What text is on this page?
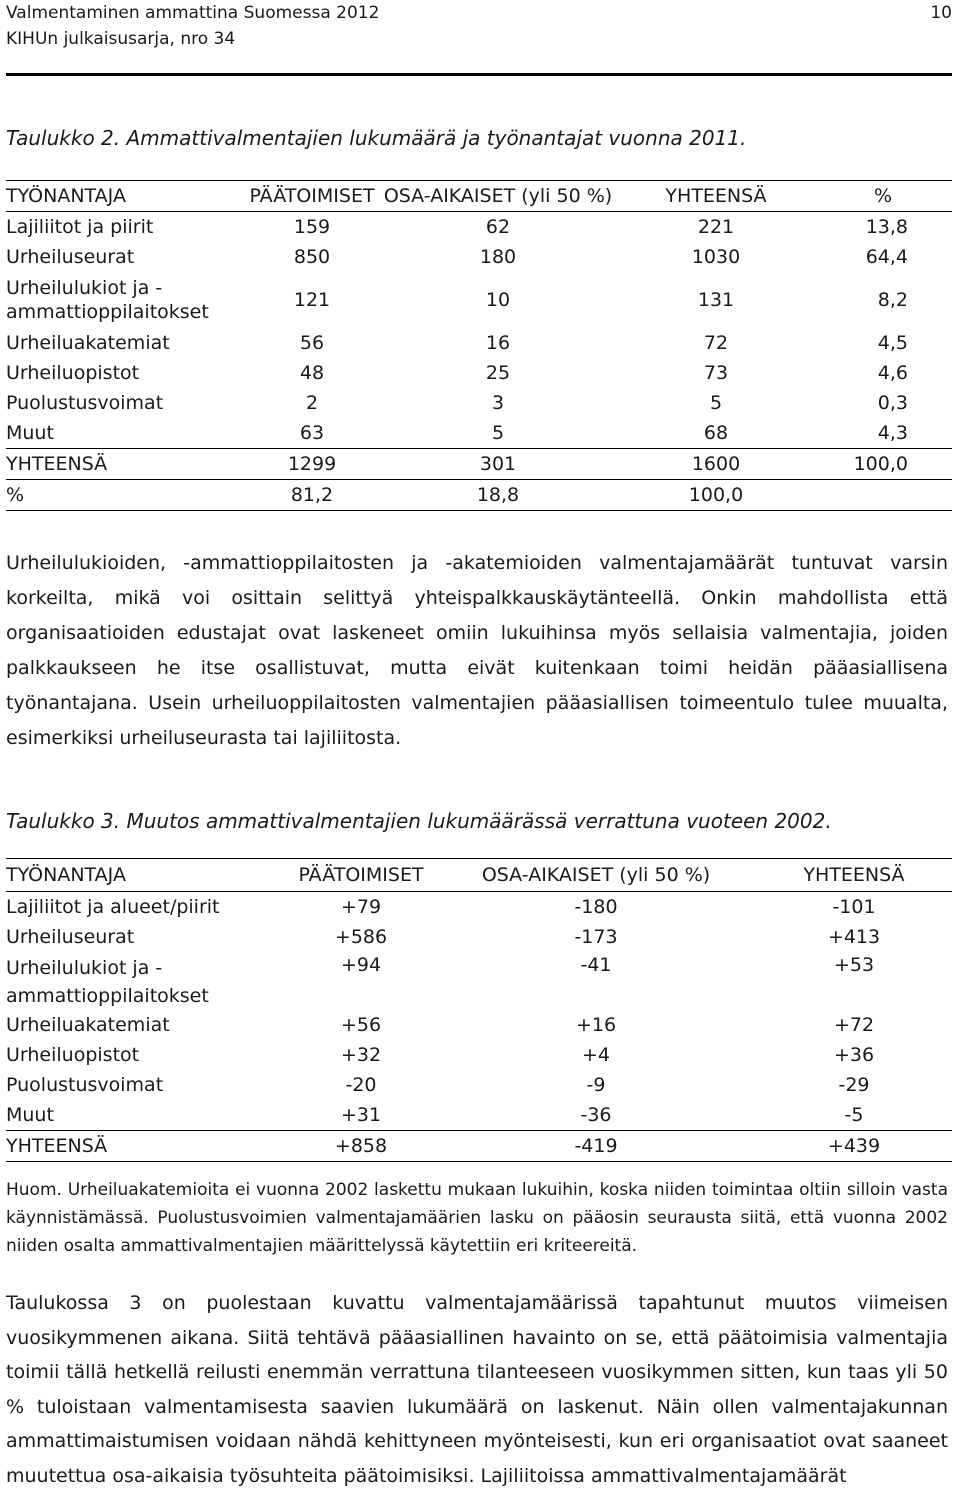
Valmentaminen ammattina Suomessa 2012
KIHUn julkaisusarja, nro 34
10
Taulukko 2. Ammattivalmentajien lukumäärä ja työnantajat vuonna 2011.
TYÖNANTAJA	PÄÄTOIMISET	OSA-AIKAISET (yli 50 %)	YHTEENSÄ	%
Lajiliitot ja piirit	159	62	221	13,8
Urheiluseurat	850	180	1030	64,4
Urheilulukiot ja - ammattioppilaitokset	121	10	131	8,2
Urheiluakatemiat	56	16	72	4,5
Urheiluopistot	48	25	73	4,6
Puolustusvoimat	2	3	5	0,3
Muut	63	5	68	4,3
YHTEENSÄ	1299	301	1600	100,0
%	81,2	18,8	100,0	

Urheilulukioiden, -ammattioppilaitosten ja -akatemioiden valmentajamäärät tuntuvat varsin korkeilta, mikä voi osittain selittyä yhteispalkkauskäytänteellä. Onkin mahdollista että organisaatioiden edustajat ovat laskeneet omiin lukuihinsa myös sellaisia valmentajia, joiden palkkaukseen he itse osallistuvat, mutta eivät kuitenkaan toimi heidän pääasiallisena työnantajana. Usein urheiluoppilaitosten valmentajien pääasiallisen toimeentulo tulee muualta, esimerkiksi urheiluseurasta tai lajiliitosta.

Taulukko 3. Muutos ammattivalmentajien lukumäärässä verrattuna vuoteen 2002.
TYÖNANTAJA	PÄÄTOIMISET	OSA-AIKAISET (yli 50 %)	YHTEENSÄ
Lajiliitot ja alueet/piirit	+79	-180	-101
Urheiluseurat	+586	-173	+413
Urheilulukiot ja - ammattioppilaitokset	+94	-41	+53
Urheiluakatemiat	+56	+16	+72
Urheiluopistot	+32	+4	+36
Puolustusvoimat	-20	-9	-29
Muut	+31	-36	-5
YHTEENSÄ	+858	-419	+439

Huom. Urheiluakatemioita ei vuonna 2002 laskettu mukaan lukuihin, koska niiden toimintaa oltiin silloin vasta käynnistämässä. Puolustusvoimien valmentajamäärien lasku on pääosin seurausta siitä, että vuonna 2002 niiden osalta ammattivalmentajien määrittelyssä käytettiin eri kriteereitä.

Taulukossa 3 on puolestaan kuvattu valmentajamäärissä tapahtunut muutos viimeisen vuosikymmenen aikana. Siitä tehtävä pääasiallinen havainto on se, että päätoimisia valmentajia toimii tällä hetkellä reilusti enemmän verrattuna tilanteeseen vuosikymmen sitten, kun taas yli 50 % tuloistaan valmentamisesta saavien lukumäärä on laskenut. Näin ollen valmentajakunnan ammattimaistumisen voidaan nähdä kehittyneen myönteisesti, kun eri organisaatiot ovat saaneet muutettua osa-aikaisia työsuhteita päätoimisiksi. Lajiliitoissa ammattivalmentajamäärät
